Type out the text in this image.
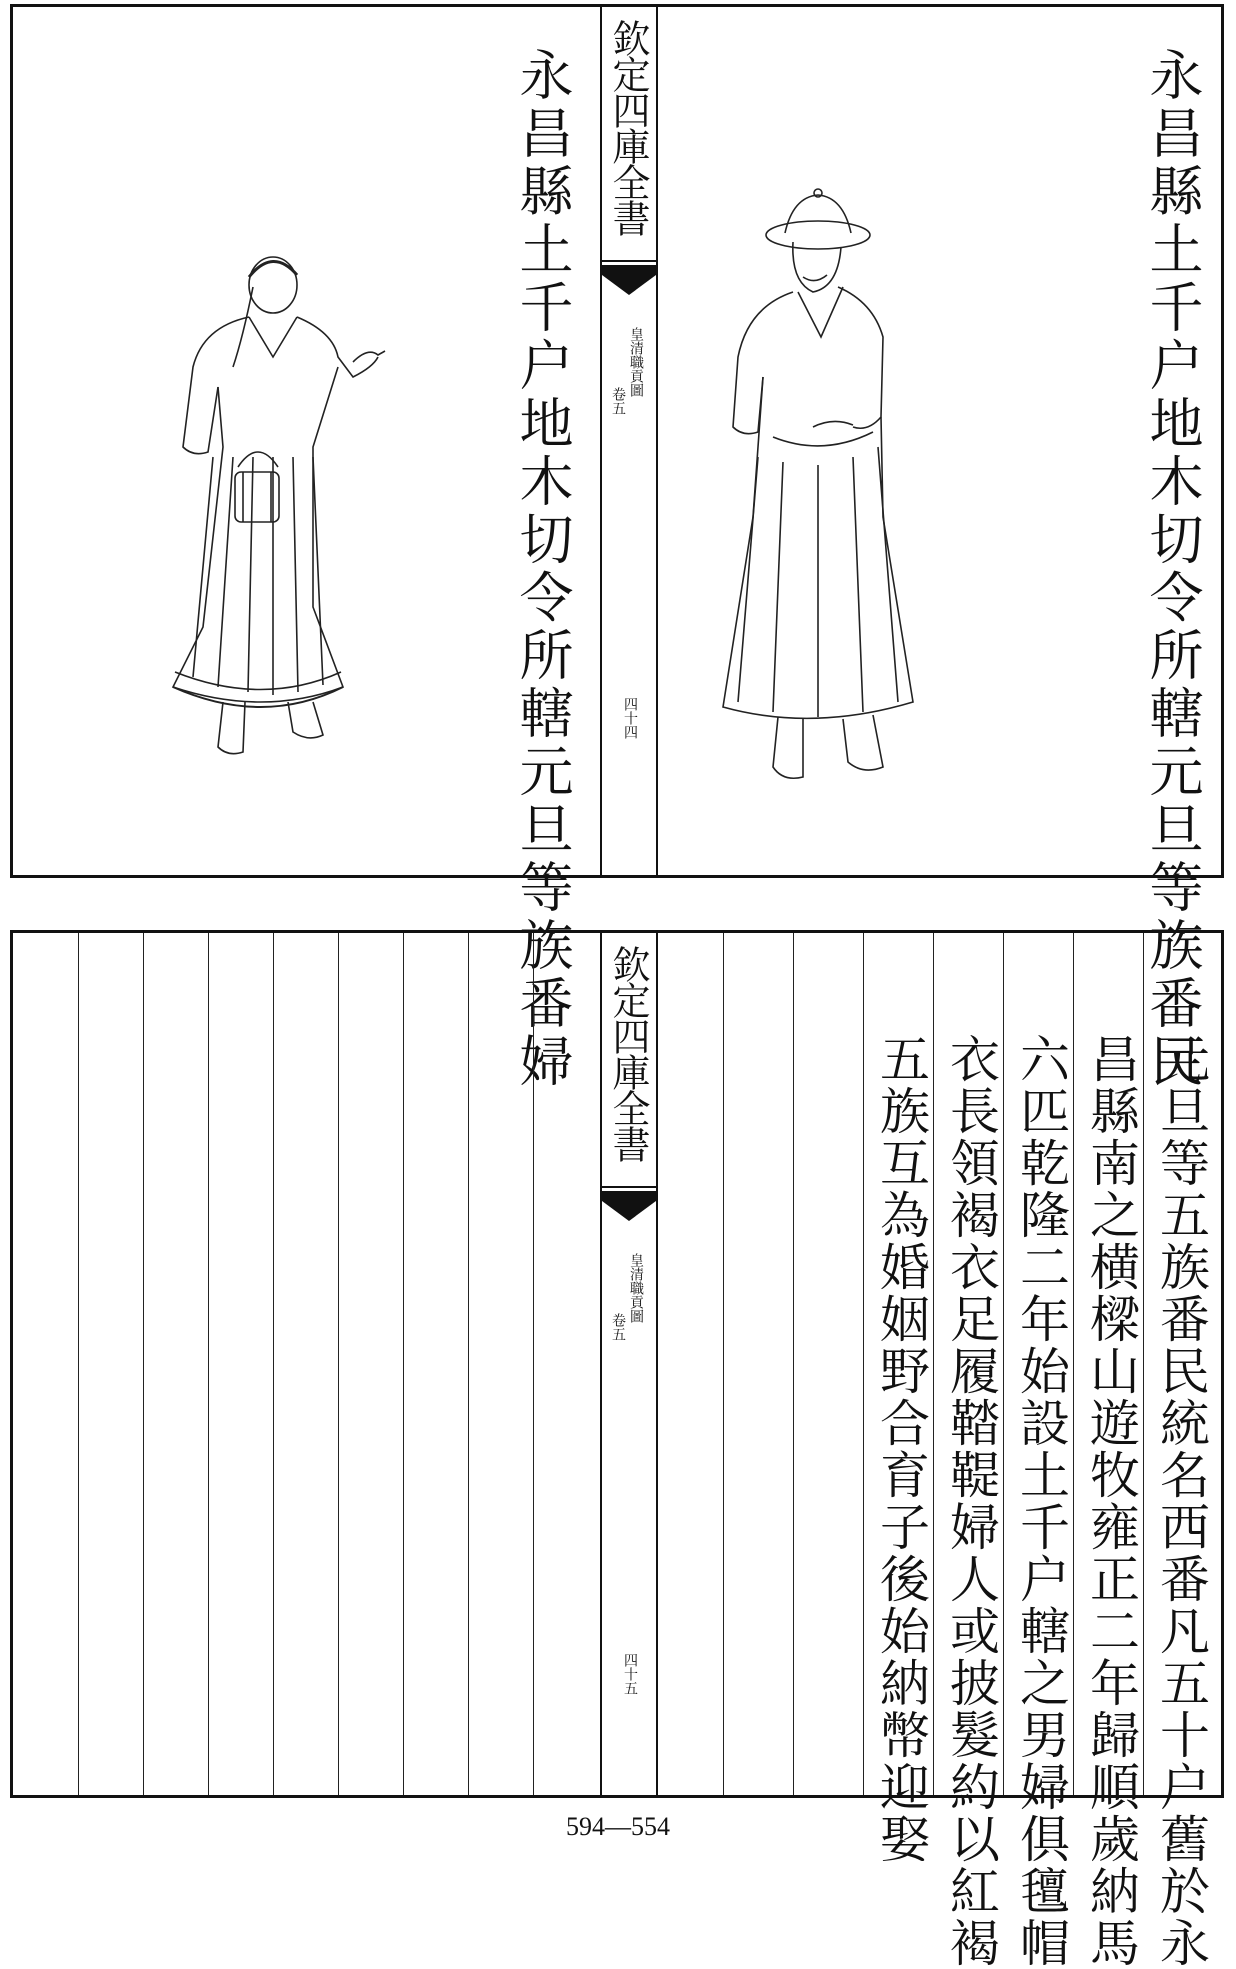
永昌縣土千户地木切令所轄元旦等族番民
永昌縣土千户地木切令所轄元旦等族番婦 欽定四庫全書
皇清職貢圖
卷五
四十四
元旦等五族番民統名西番凡五十户舊於永
昌縣南之横樑山遊牧雍正二年歸順歲納馬
六匹乾隆二年始設土千户轄之男婦俱氊帽
衣長領褐衣足履鞜鞮婦人或披髮約以紅褐
五族互為婚姻野合育子後始納幣迎娶
欽定四庫全書
皇清職貢圖
卷五
四十五
594—554
